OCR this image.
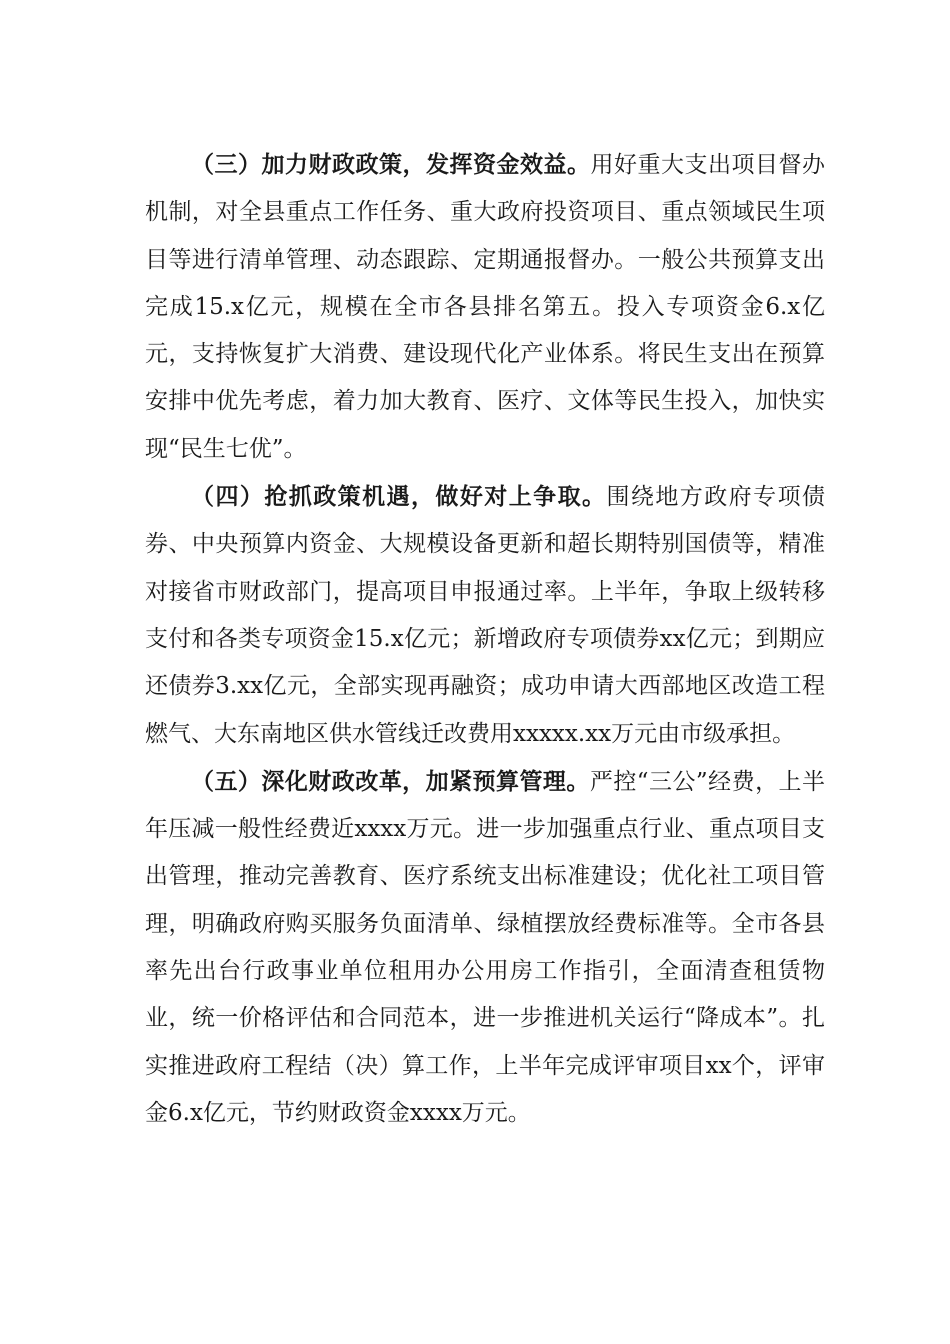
（三）加力财政政策，发挥资金效益。用好重大支出项目督办机制，对全县重点工作任务、重大政府投资项目、重点领域民生项目等进行清单管理、动态跟踪、定期通报督办。一般公共预算支出完成15.x亿元，规模在全市各县排名第五。投入专项资金6.x亿元，支持恢复扩大消费、建设现代化产业体系。将民生支出在预算安排中优先考虑，着力加大教育、医疗、文体等民生投入，加快实现“民生七优”。

（四）抢抓政策机遇，做好对上争取。围绕地方政府专项债券、中央预算内资金、大规模设备更新和超长期特别国债等，精准对接省市财政部门，提高项目申报通过率。上半年，争取上级转移支付和各类专项资金15.x亿元；新增政府专项债券xx亿元；到期应还债券3.xx亿元，全部实现再融资；成功申请大西部地区改造工程燃气、大东南地区供水管线迁改费用xxxxx.xx万元由市级承担。

（五）深化财政改革，加紧预算管理。严控“三公”经费，上半年压减一般性经费近xxxx万元。进一步加强重点行业、重点项目支出管理，推动完善教育、医疗系统支出标准建设；优化社工项目管理，明确政府购买服务负面清单、绿植摆放经费标准等。全市各县率先出台行政事业单位租用办公用房工作指引，全面清查租赁物业，统一价格评估和合同范本，进一步推进机关运行“降成本”。扎实推进政府工程结（决）算工作，上半年完成评审项目xx个，评审金6.x亿元，节约财政资金xxxx万元。
